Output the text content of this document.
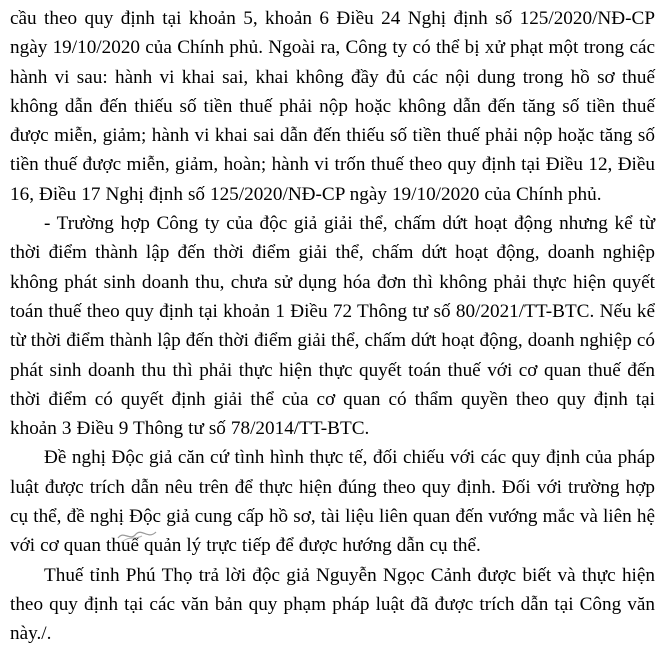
cầu theo quy định tại khoản 5, khoản 6 Điều 24 Nghị định số 125/2020/NĐ-CP ngày 19/10/2020 của Chính phủ. Ngoài ra, Công ty có thể bị xử phạt một trong các hành vi sau: hành vi khai sai, khai không đầy đủ các nội dung trong hồ sơ thuế không dẫn đến thiếu số tiền thuế phải nộp hoặc không dẫn đến tăng số tiền thuế được miễn, giảm; hành vi khai sai dẫn đến thiếu số tiền thuế phải nộp hoặc tăng số tiền thuế được miễn, giảm, hoàn; hành vi trốn thuế theo quy định tại Điều 12, Điều 16, Điều 17 Nghị định số 125/2020/NĐ-CP ngày 19/10/2020 của Chính phủ.

- Trường hợp Công ty của độc giả giải thể, chấm dứt hoạt động nhưng kể từ thời điểm thành lập đến thời điểm giải thể, chấm dứt hoạt động, doanh nghiệp không phát sinh doanh thu, chưa sử dụng hóa đơn thì không phải thực hiện quyết toán thuế theo quy định tại khoản 1 Điều 72 Thông tư số 80/2021/TT-BTC. Nếu kể từ thời điểm thành lập đến thời điểm giải thể, chấm dứt hoạt động, doanh nghiệp có phát sinh doanh thu thì phải thực hiện thực quyết toán thuế với cơ quan thuế đến thời điểm có quyết định giải thể của cơ quan có thẩm quyền theo quy định tại khoản 3 Điều 9 Thông tư số 78/2014/TT-BTC.

Đề nghị Độc giả căn cứ tình hình thực tế, đối chiếu với các quy định của pháp luật được trích dẫn nêu trên để thực hiện đúng theo quy định. Đối với trường hợp cụ thể, đề nghị Độc giả cung cấp hồ sơ, tài liệu liên quan đến vướng mắc và liên hệ với cơ quan thuế quản lý trực tiếp để được hướng dẫn cụ thể.

Thuế tỉnh Phú Thọ trả lời độc giả Nguyễn Ngọc Cảnh được biết và thực hiện theo quy định tại các văn bản quy phạm pháp luật đã được trích dẫn tại Công văn này./.
